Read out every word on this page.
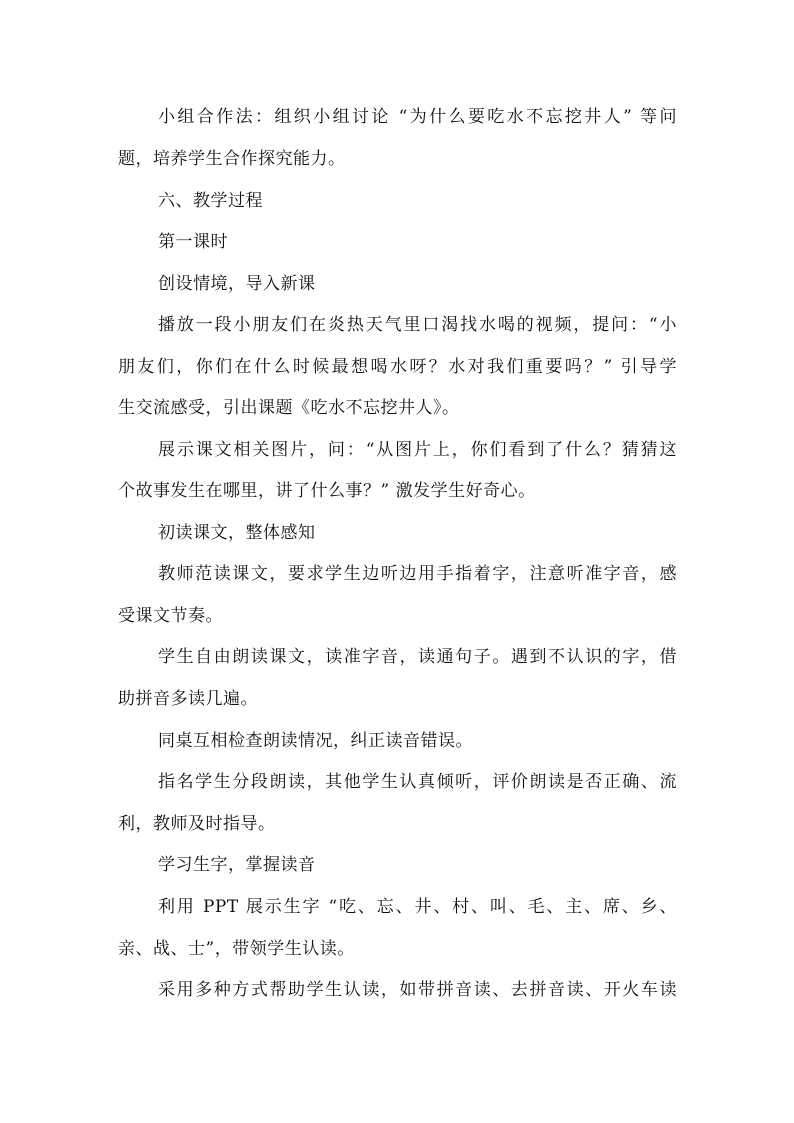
小组合作法：组织小组讨论 “为什么要吃水不忘挖井人” 等问
题，培养学生合作探究能力。
六、教学过程
第一课时
创设情境，导入新课
播放一段小朋友们在炎热天气里口渴找水喝的视频，提问：“小
朋友们，你们在什么时候最想喝水呀？水对我们重要吗？” 引导学
生交流感受，引出课题《吃水不忘挖井人》。
展示课文相关图片，问：“从图片上，你们看到了什么？猜猜这
个故事发生在哪里，讲了什么事？” 激发学生好奇心。
初读课文，整体感知
教师范读课文，要求学生边听边用手指着字，注意听准字音，感
受课文节奏。
学生自由朗读课文，读准字音，读通句子。遇到不认识的字，借
助拼音多读几遍。
同桌互相检查朗读情况，纠正读音错误。
指名学生分段朗读，其他学生认真倾听，评价朗读是否正确、流
利，教师及时指导。
学习生字，掌握读音
利用 PPT 展示生字 “吃、忘、井、村、叫、毛、主、席、乡、
亲、战、士”，带领学生认读。
采用多种方式帮助学生认读，如带拼音读、去拼音读、开火车读
